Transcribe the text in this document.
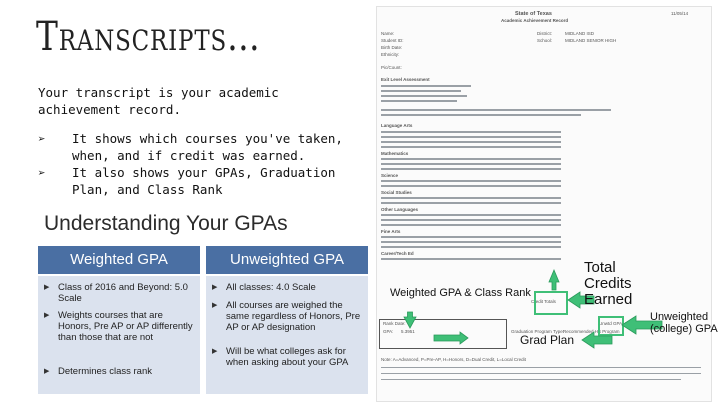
Transcripts…
Your transcript is your academic achievement record.
➢	It shows which courses you've taken, when, and if credit was earned.
➢	It also shows your GPAs, Graduation Plan, and Class Rank
Understanding Your GPAs
Weighted GPA	Unweighted GPA
▶ Class of 2016 and Beyond: 5.0 Scale
▶ Weights courses that are Honors, Pre AP or AP differently than those that are not
▶ Determines class rank
▶ All classes: 4.0 Scale
▶ All courses are weighed the same regardless of Honors, Pre AP or AP designation
▶ Will be what colleges ask for when asking about your GPA
State of Texas
Academic Achievement Record
11/05/14
Name:
Student ID:
Birth Date:
Ethnicity:
Pic/Count:
District:	MIDLAND ISD
School:	MIDLAND SENIOR HIGH
Exit Level Assessment
Language Arts
Mathematics
Science
Social Studies
Other Languages
Fine Arts
Career/Tech Ed
Credit Totals
Rank Date:
GPA: 5.3951	Graduation Program Type: Recommended HS Program
Unwtd GPA:
Note: A=Advanced, P=Pre-AP, H=Honors, D=Dual Credit, L=Local Credit
Weighted GPA & Class Rank
Total Credits Earned
Grad Plan
Unweighted (college) GPA
